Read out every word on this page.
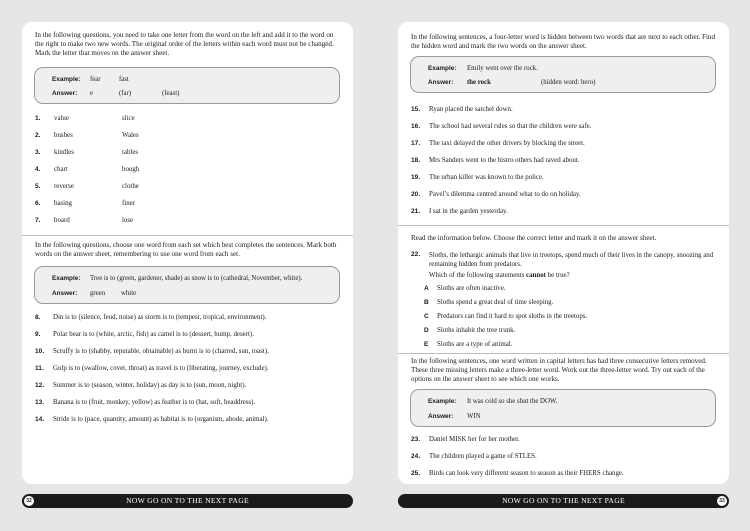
In the following questions, you need to take one letter from the word on the left and add it to the word on the right to make two new words. The original order of the letters within each word must not be changed. Mark the letter that moves on the answer sheet.
Example: fear	fast
Answer: e	(far)	(feast)
1. value	slice
2. bushes	Wales
3. kindles	tables
4. chart	bough
5. reverse	clothe
6. basing	finer
7. board	lose
In the following questions, choose one word from each set which best completes the sentences. Mark both words on the answer sheet, remembering to use one word from each set.
Example: Tree is to (green, gardener, shade) as snow is to (cathedral, November, white).
Answer: green white
8. Din is to (silence, feud, noise) as storm is to (tempest, tropical, environment).
9. Polar bear is to (white, arctic, fish) as camel is to (dessert, hump, desert).
10. Scruffy is to (shabby, reputable, obtainable) as burnt is to (charred, sun, toast).
11. Gulp is to (swallow, covet, throat) as travel is to (liberating, journey, exclude).
12. Summer is to (season, winter, holiday) as day is to (sun, moon, night).
13. Banana is to (fruit, monkey, yellow) as feather is to (hat, soft, headdress).
14. Stride is to (pace, quantity, amount) as habitat is to (organism, abode, animal).
32	NOW GO ON TO THE NEXT PAGE
In the following sentences, a four-letter word is hidden between two words that are next to each other. Find the hidden word and mark the two words on the answer sheet.
Example: Emily went over the rock.
Answer: the rock	(hidden word: hero)
15. Ryan placed the satchel down.
16. The school had several rules so that the children were safe.
17. The taxi delayed the other drivers by blocking the street.
18. Mrs Sanders went to the bistro others had raved about.
19. The urban killer was known to the police.
20. Pavel’s dilemma centred around what to do on holiday.
21. I sat in the garden yesterday.
Read the information below. Choose the correct letter and mark it on the answer sheet.
22. Sloths, the lethargic animals that live in treetops, spend much of their lives in the canopy, snoozing and remaining hidden from predators.
Which of the following statements cannot be true?
A Sloths are often inactive.
B Sloths spend a great deal of time sleeping.
C Predators can find it hard to spot sloths in the treetops.
D Sloths inhabit the tree trunk.
E Sloths are a type of animal.
In the following sentences, one word written in capital letters has had three consecutive letters removed. These three missing letters make a three-letter word. Work out the three-letter word. Try out each of the options on the answer sheet to see which one works.
Example: It was cold so she shut the DOW.
Answer: WIN
23. Daniel MISK her for her mother.
24. The children played a game of STLES.
25. Birds can look very different season to season as their FHERS change.
NOW GO ON TO THE NEXT PAGE	33
